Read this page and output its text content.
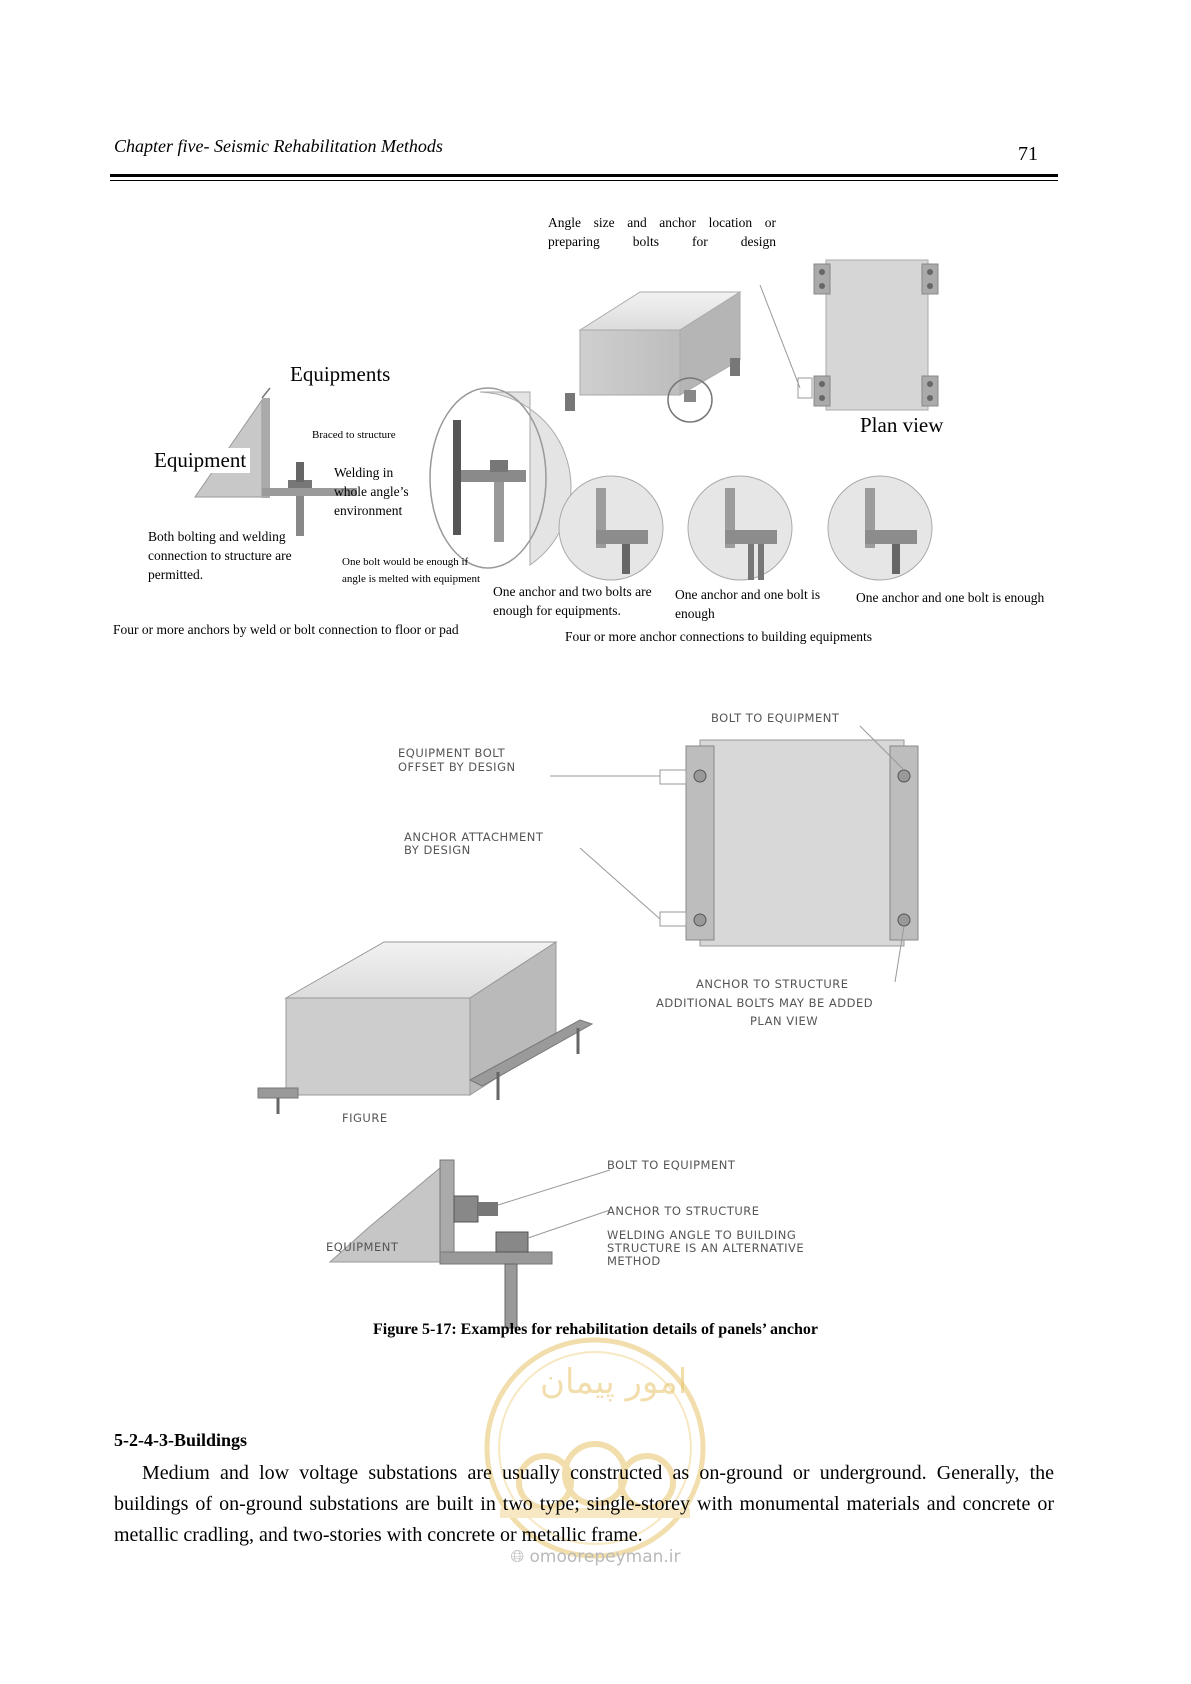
Chapter five- Seismic Rehabilitation Methods	71
Angle size and anchor location or preparing bolts for design
Equipments
Equipment
Braced to structure
Welding in whole angle’s environment
Both bolting and welding connection to structure are permitted.
One bolt would be enough if angle is melted with equipment
Plan view
One anchor and two bolts are enough for equipments.
One anchor and one bolt is enough
One anchor and one bolt is enough
Four or more anchors by weld or bolt connection to floor or pad	Four or more anchor connections to building equipments
BOLT TO EQUIPMENT
EQUIPMENT BOLT
OFFSET BY DESIGN
ANCHOR ATTACHMENT
BY DESIGN
ANCHOR TO STRUCTURE
ADDITIONAL BOLTS MAY BE ADDED
PLAN VIEW
FIGURE
BOLT TO EQUIPMENT
ANCHOR TO STRUCTURE
WELDING ANGLE TO BUILDING
STRUCTURE IS AN ALTERNATIVE
METHOD
EQUIPMENT
Figure 5-17: Examples for rehabilitation details of panels’ anchor
امور پیمان
5-2-4-3-Buildings

Medium and low voltage substations are usually constructed as on-ground or underground. Generally, the buildings of on-ground substations are built in two type; single-storey with monumental materials and concrete or metallic cradling, and two-stories with concrete or metallic frame.

🌐︎ omoorepeyman.ir
